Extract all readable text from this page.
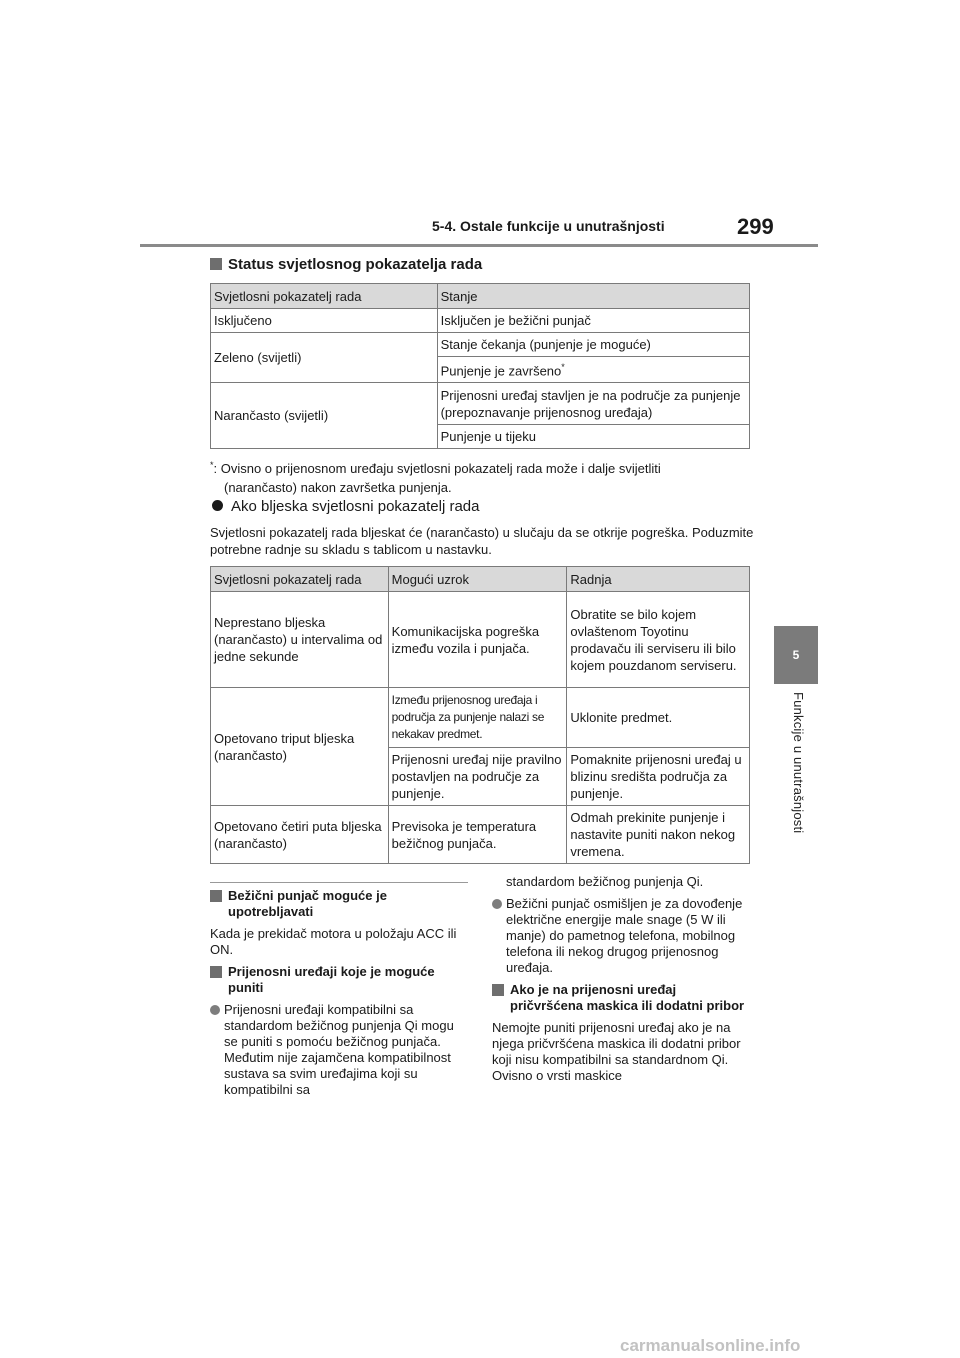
5-4. Ostale funkcije u unutrašnjosti	299
5
Funkcije u unutrašnjosti
Status svjetlosnog pokazatelja rada
Svjetlosni pokazatelj rada	Stanje
Isključeno	Isključen je bežični punjač
Zeleno (svijetli)	Stanje čekanja (punjenje je moguće)
	Punjenje je završeno*
Narančasto (svijetli)	Prijenosni uređaj stavljen je na područje za punjenje (prepoznavanje prijenosnog uređaja)
	Punjenje u tijeku
*: Ovisno o prijenosnom uređaju svjetlosni pokazatelj rada može i dalje svijetliti
(narančasto) nakon završetka punjenja.
Ako bljeska svjetlosni pokazatelj rada
Svjetlosni pokazatelj rada bljeskat će (narančasto) u slučaju da se otkrije pogreška. Poduzmite potrebne radnje su skladu s tablicom u nastavku.
Svjetlosni pokazatelj rada	Mogući uzrok	Radnja
Neprestano bljeska (narančasto) u intervalima od jedne sekunde	Komunikacijska pogreška između vozila i punjača.	Obratite se bilo kojem ovlaštenom Toyotinu prodavaču ili serviseru ili bilo kojem pouzdanom serviseru.
Opetovano triput bljeska (narančasto)	Između prijenosnog uređaja i područja za punjenje nalazi se nekakav predmet.	Uklonite predmet.
	Prijenosni uređaj nije pravilno postavljen na područje za punjenje.	Pomaknite prijenosni uređaj u blizinu središta područja za punjenje.
Opetovano četiri puta bljeska (narančasto)	Previsoka je temperatura bežičnog punjača.	Odmah prekinite punjenje i nastavite puniti nakon nekog vremena.
Bežični punjač moguće je upotrebljavati
Kada je prekidač motora u položaju ACC ili ON.
Prijenosni uređaji koje je moguće puniti
Prijenosni uređaji kompatibilni sa standardom bežičnog punjenja Qi mogu se puniti s pomoću bežičnog punjača. Međutim nije zajamčena kompatibilnost sustava sa svim uređajima koji su kompatibilni sa
standardom bežičnog punjenja Qi.
Bežični punjač osmišljen je za dovođenje električne energije male snage (5 W ili manje) do pametnog telefona, mobilnog telefona ili nekog drugog prijenosnog uređaja.
Ako je na prijenosni uređaj pričvršćena maskica ili dodatni pribor
Nemojte puniti prijenosni uređaj ako je na njega pričvršćena maskica ili dodatni pribor koji nisu kompatibilni sa standardnom Qi. Ovisno o vrsti maskice
carmanualsonline.info
